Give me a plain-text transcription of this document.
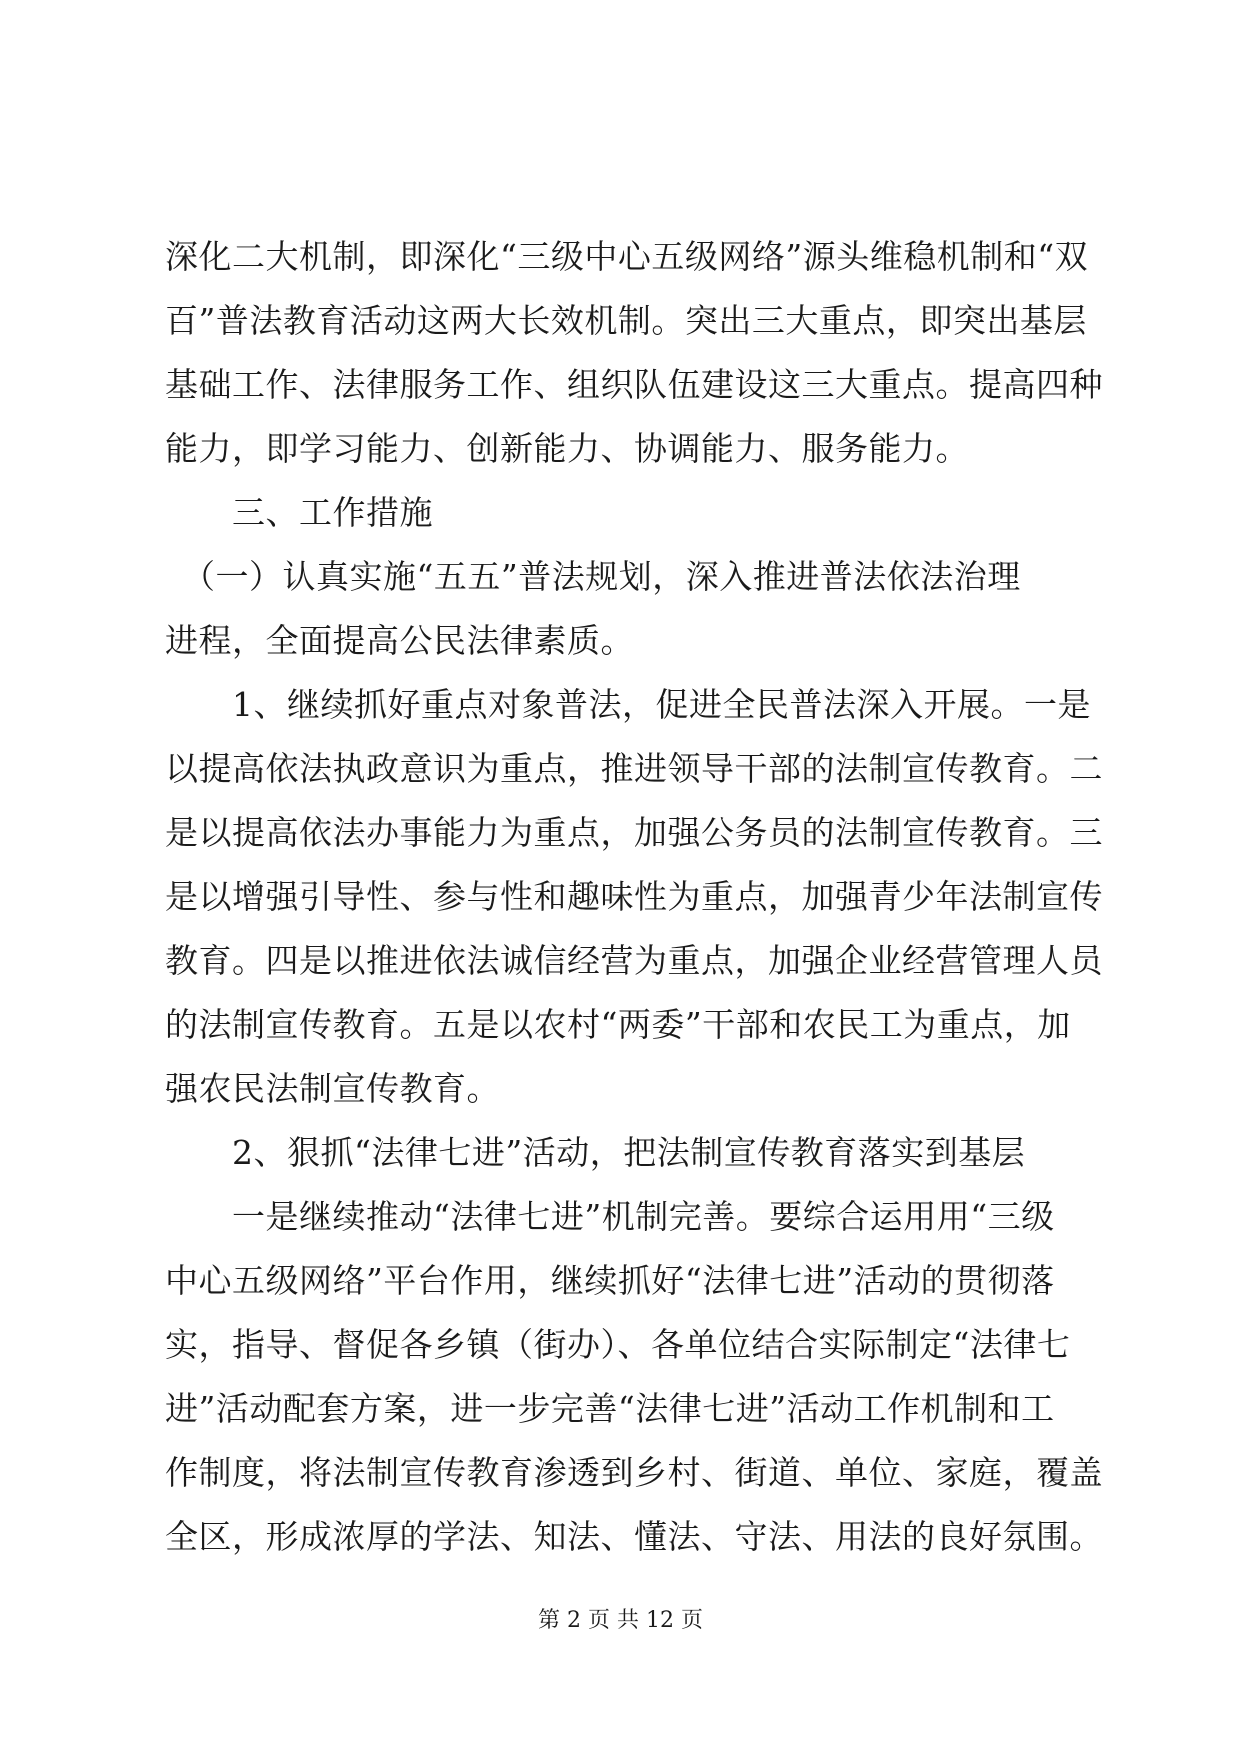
深化二大机制，即深化“三级中心五级网络”源头维稳机制和“双
百”普法教育活动这两大长效机制。突出三大重点，即突出基层
基础工作、法律服务工作、组织队伍建设这三大重点。提高四种
能力，即学习能力、创新能力、协调能力、服务能力。
　　三、工作措施
　（一）认真实施“五五”普法规划，深入推进普法依法治理
进程，全面提高公民法律素质。
　　1、继续抓好重点对象普法，促进全民普法深入开展。一是
以提高依法执政意识为重点，推进领导干部的法制宣传教育。二
是以提高依法办事能力为重点，加强公务员的法制宣传教育。三
是以增强引导性、参与性和趣味性为重点，加强青少年法制宣传
教育。四是以推进依法诚信经营为重点，加强企业经营管理人员
的法制宣传教育。五是以农村“两委”干部和农民工为重点，加
强农民法制宣传教育。
　　2、狠抓“法律七进”活动，把法制宣传教育落实到基层
　　一是继续推动“法律七进”机制完善。要综合运用用“三级
中心五级网络”平台作用，继续抓好“法律七进”活动的贯彻落
实，指导、督促各乡镇（街办）、各单位结合实际制定“法律七
进”活动配套方案，进一步完善“法律七进”活动工作机制和工
作制度，将法制宣传教育渗透到乡村、街道、单位、家庭，覆盖
全区，形成浓厚的学法、知法、懂法、守法、用法的良好氛围。
第 2 页 共 12 页
